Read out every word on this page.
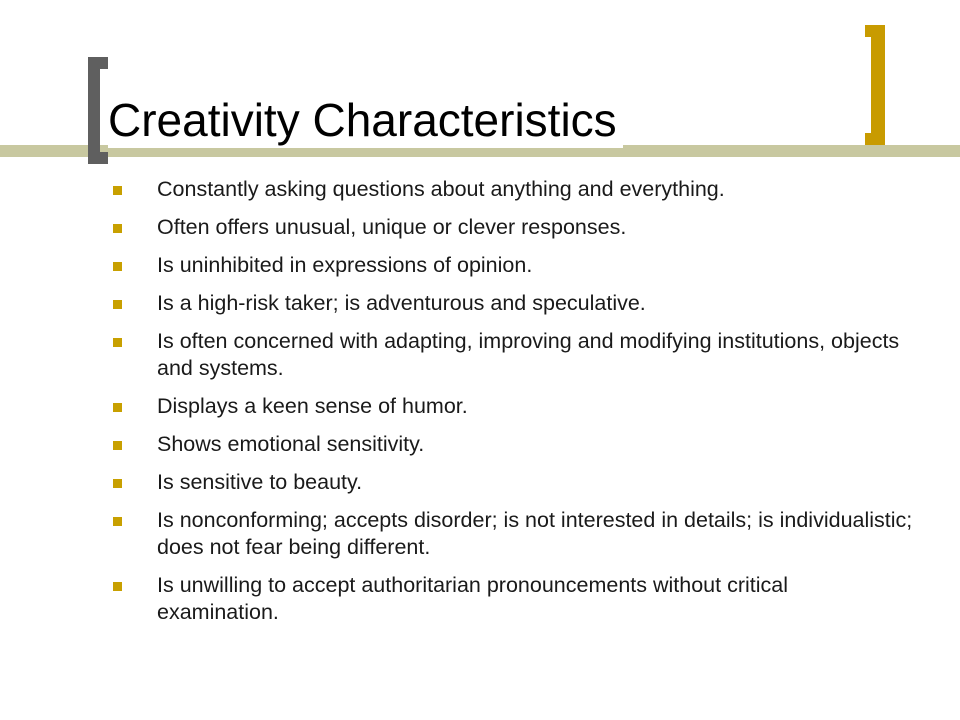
Creativity Characteristics
Constantly asking questions about anything and everything.
Often offers unusual, unique or clever responses.
Is uninhibited in expressions of opinion.
Is a high-risk taker; is adventurous and speculative.
Is often concerned with adapting, improving and modifying institutions, objects and systems.
Displays a keen sense of humor.
Shows emotional sensitivity.
Is sensitive to beauty.
Is nonconforming; accepts disorder; is not interested in details; is individualistic; does not fear being different.
Is unwilling to accept authoritarian pronouncements without critical examination.
